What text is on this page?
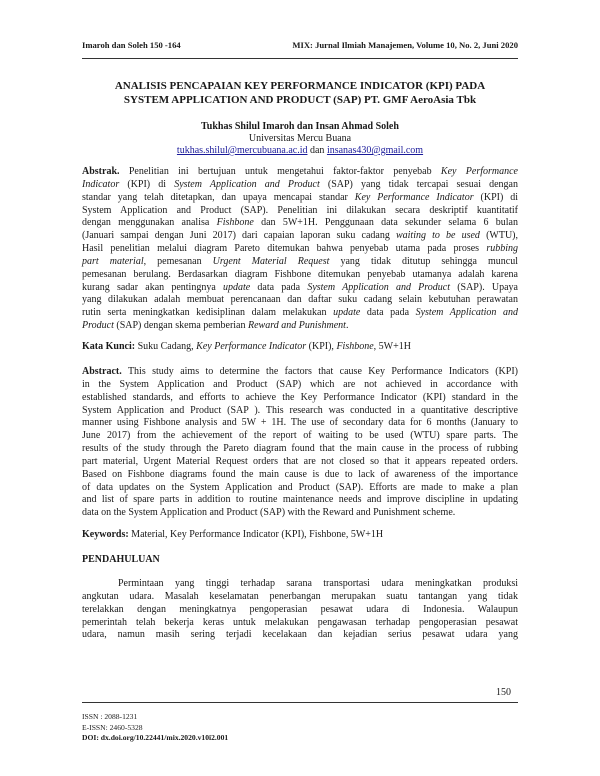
Imaroh dan Soleh 150 -164	MIX: Jurnal Ilmiah Manajemen, Volume 10, No. 2, Juni 2020
ANALISIS PENCAPAIAN KEY PERFORMANCE INDICATOR (KPI) PADA
SYSTEM APPLICATION AND PRODUCT (SAP) PT. GMF AeroAsia Tbk
Tukhas Shilul Imaroh dan Insan Ahmad Soleh
Universitas Mercu Buana
tukhas.shilul@mercubuana.ac.id dan insanas430@gmail.com
Abstrak. Penelitian ini bertujuan untuk mengetahui faktor-faktor penyebab Key Performance
Indicator (KPI) di System Application and Product (SAP) yang tidak tercapai sesuai dengan
standar yang telah ditetapkan, dan upaya mencapai standar Key Performance Indicator (KPI) di
System Application and Product (SAP). Penelitian ini dilakukan secara deskriptif kuantitatif
dengan menggunakan analisa Fishbone dan 5W+1H. Penggunaan data sekunder selama 6 bulan
(Januari sampai dengan Juni 2017) dari capaian laporan suku cadang waiting to be used (WTU),
Hasil penelitian melalui diagram Pareto ditemukan bahwa penyebab utama pada proses rubbing
part material, pemesanan Urgent Material Request yang tidak ditutup sehingga muncul
pemesanan berulang. Berdasarkan diagram Fishbone ditemukan penyebab utamanya adalah karena
kurang sadar akan pentingnya update data pada System Application and Product (SAP). Upaya
yang dilakukan adalah membuat perencanaan dan daftar suku cadang selain kebutuhan perawatan
rutin serta meningkatkan kedisiplinan dalam melakukan update data pada System Application and
Product (SAP) dengan skema pemberian Reward and Punishment.
Kata Kunci: Suku Cadang, Key Performance Indicator (KPI), Fishbone, 5W+1H
Abstract. This study aims to determine the factors that cause Key Performance Indicators (KPI)
in the System Application and Product (SAP) which are not achieved in accordance with
established standards, and efforts to achieve the Key Performance Indicator (KPI) standard in the
System Application and Product (SAP ). This research was conducted in a quantitative descriptive
manner using Fishbone analysis and 5W + 1H. The use of secondary data for 6 months (January to
June 2017) from the achievement of the report of waiting to be used (WTU) spare parts. The
results of the study through the Pareto diagram found that the main cause in the process of rubbing
part material, Urgent Material Request orders that are not closed so that it appears repeated orders.
Based on Fishbone diagrams found the main cause is due to lack of awareness of the importance
of data updates on the System Application and Product (SAP). Efforts are made to make a plan
and list of spare parts in addition to routine maintenance needs and improve discipline in updating
data on the System Application and Product (SAP) with the Reward and Punishment scheme.
Keywords: Material, Key Performance Indicator (KPI), Fishbone, 5W+1H
PENDAHULUAN
Permintaan yang tinggi terhadap sarana transportasi udara meningkatkan produksi
angkutan udara. Masalah keselamatan penerbangan merupakan suatu tantangan yang tidak
terelakkan dengan meningkatnya pengoperasian pesawat udara di Indonesia. Walaupun
pemerintah telah bekerja keras untuk melakukan pengawasan terhadap pengoperasian pesawat
udara, namun masih sering terjadi kecelakaan dan kejadian serius pesawat udara yang
150
ISSN : 2088-1231
E-ISSN: 2460-5328
DOI: dx.doi.org/10.22441/mix.2020.v10i2.001
